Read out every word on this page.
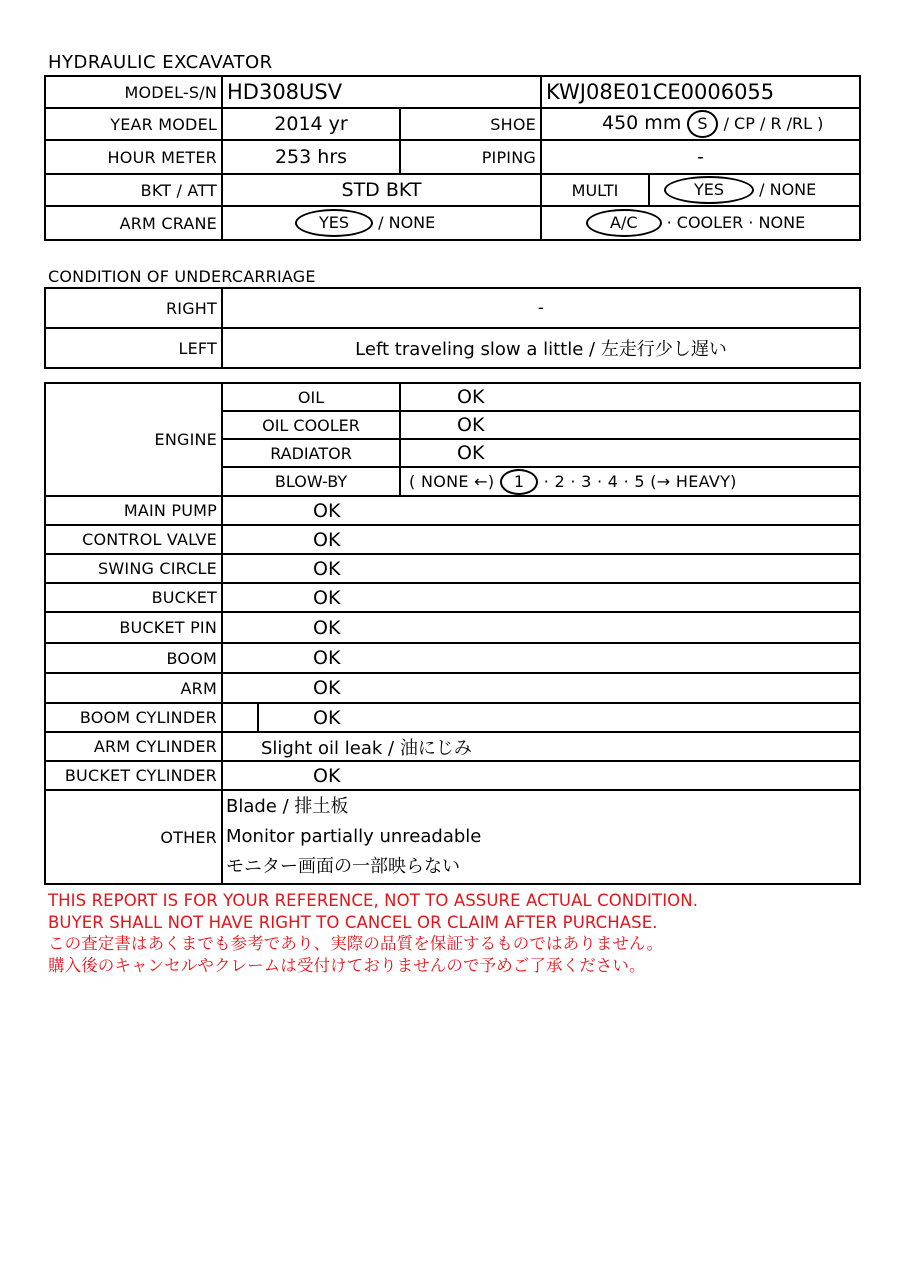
HYDRAULIC EXCAVATOR
MODEL-S/N	HD308USV		KWJ08E01CE0006055	
YEAR MODEL	2014 yr	SHOE	450 mm S / CP / R /RL )	
HOUR METER	253 hrs	PIPING	-	
BKT / ATT	STD BKT		MULTI	YES / NONE
ARM CRANE	YES / NONE		A/C · COOLER · NONE	
CONDITION OF UNDERCARRIAGE
RIGHT	-
LEFT	Left traveling slow a little / 左走行少し遅い
ENGINE	OIL		OK
	OIL COOLER		OK
	RADIATOR		OK
	BLOW-BY		( NONE ←) 1 · 2 · 3 · 4 · 5 (→ HEAVY)
MAIN PUMP	OK		
CONTROL VALVE	OK		
SWING CIRCLE	OK		
BUCKET	OK		
BUCKET PIN	OK		
BOOM	OK		
ARM	OK		
BOOM CYLINDER		OK	
ARM CYLINDER	Slight oil leak / 油にじみ		
BUCKET CYLINDER	OK		
OTHER	Blade / 排土板
Monitor partially unreadable
モニター画面の一部映らない		
THIS REPORT IS FOR YOUR REFERENCE, NOT TO ASSURE ACTUAL CONDITION.
BUYER SHALL NOT HAVE RIGHT TO CANCEL OR CLAIM AFTER PURCHASE.
この査定書はあくまでも参考であり、実際の品質を保証するものではありません。
購入後のキャンセルやクレームは受付けておりませんので予めご了承ください。
